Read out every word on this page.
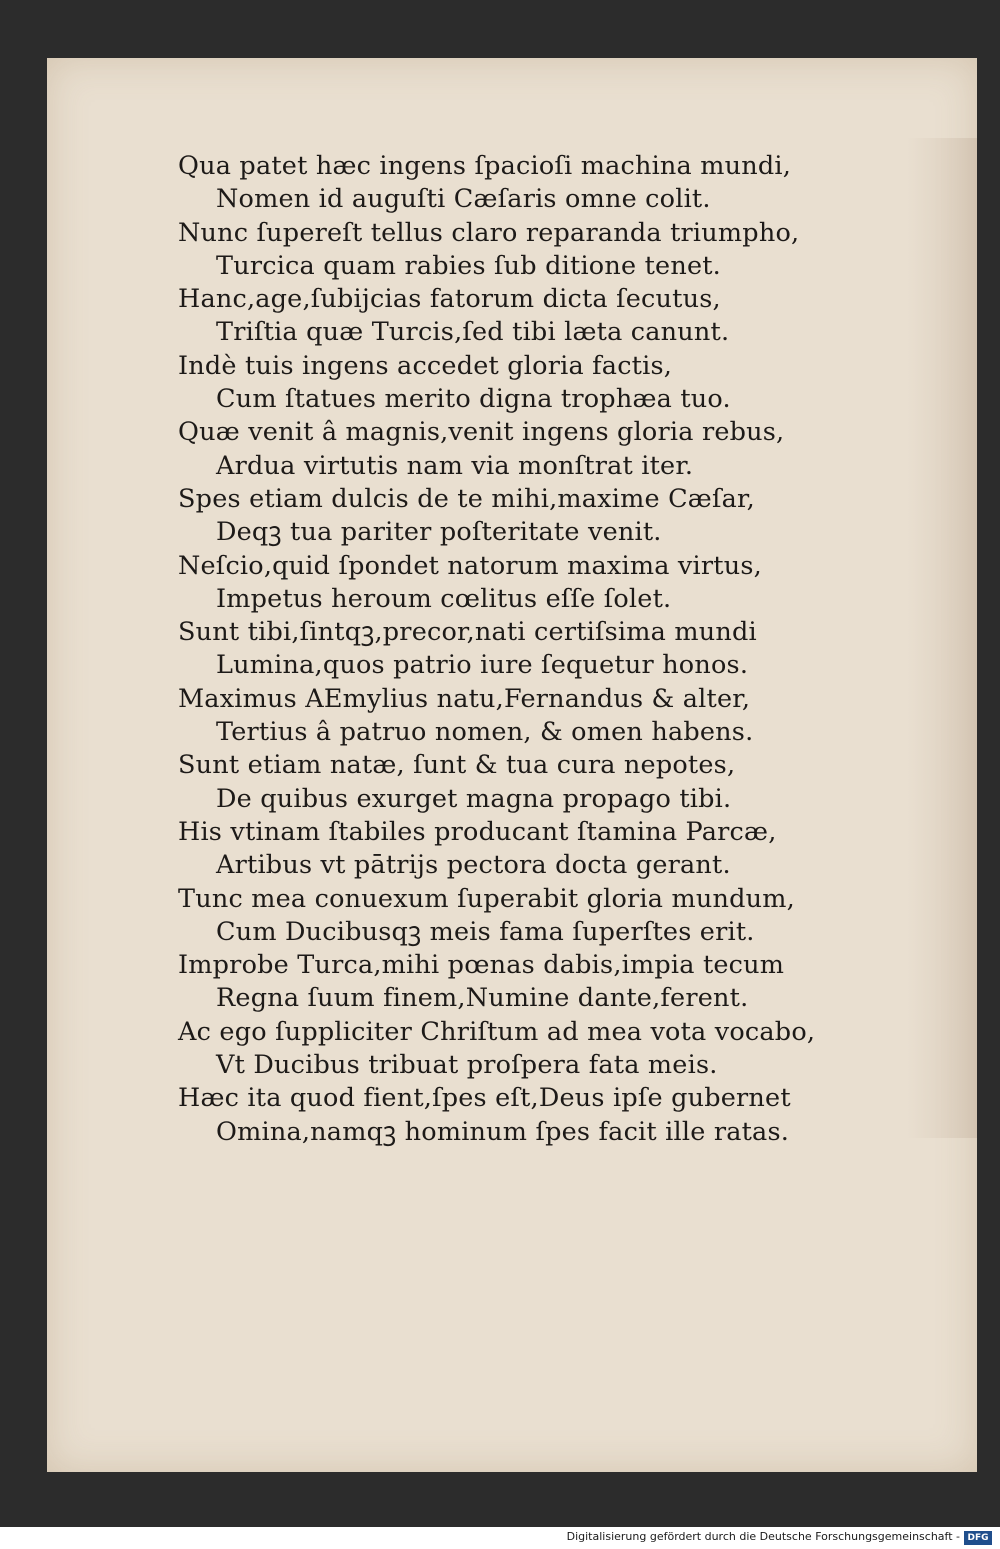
Qua patet hæc ingens ſpacioſi machina mundi,
Nomen id auguſti Cæſaris omne colit.
Nunc ſupereſt tellus claro reparanda triumpho,
Turcica quam rabies ſub ditione tenet.
Hanc,age,ſubijcias fatorum dicta ſecutus,
Triſtia quæ Turcis,ſed tibi læta canunt.
Indè tuis ingens accedet gloria factis,
Cum ſtatues merito digna trophæa tuo.
Quæ venit â magnis,venit ingens gloria rebus,
Ardua virtutis nam via monſtrat iter.
Spes etiam dulcis de te mihi,maxime Cæſar,
Deqꝫ tua pariter poſteritate venit.
Neſcio,quid ſpondet natorum maxima virtus,
Impetus heroum cœlitus eſſe ſolet.
Sunt tibi,ſintqꝫ,precor,nati certiſsima mundi
Lumina,quos patrio iure ſequetur honos.
Maximus AEmylius natu,Fernandus & alter,
Tertius â patruo nomen, & omen habens.
Sunt etiam natæ, ſunt & tua cura nepotes,
De quibus exurget magna propago tibi.
His vtinam ſtabiles producant ſtamina Parcæ,
Artibus vt pātrijs pectora docta gerant.
Tunc mea conuexum ſuperabit gloria mundum,
Cum Ducibusqꝫ meis fama ſuperſtes erit.
Improbe Turca,mihi pœnas dabis,impia tecum
Regna ſuum finem,Numine dante,ferent.
Ac ego ſuppliciter Chriſtum ad mea vota vocabo,
Vt Ducibus tribuat proſpera fata meis.
Hæc ita quod fient,ſpes eſt,Deus ipſe gubernet
Omina,namqꝫ hominum ſpes facit ille ratas.
Digitalisierung gefördert durch die Deutsche Forschungsgemeinschaft - DFG
